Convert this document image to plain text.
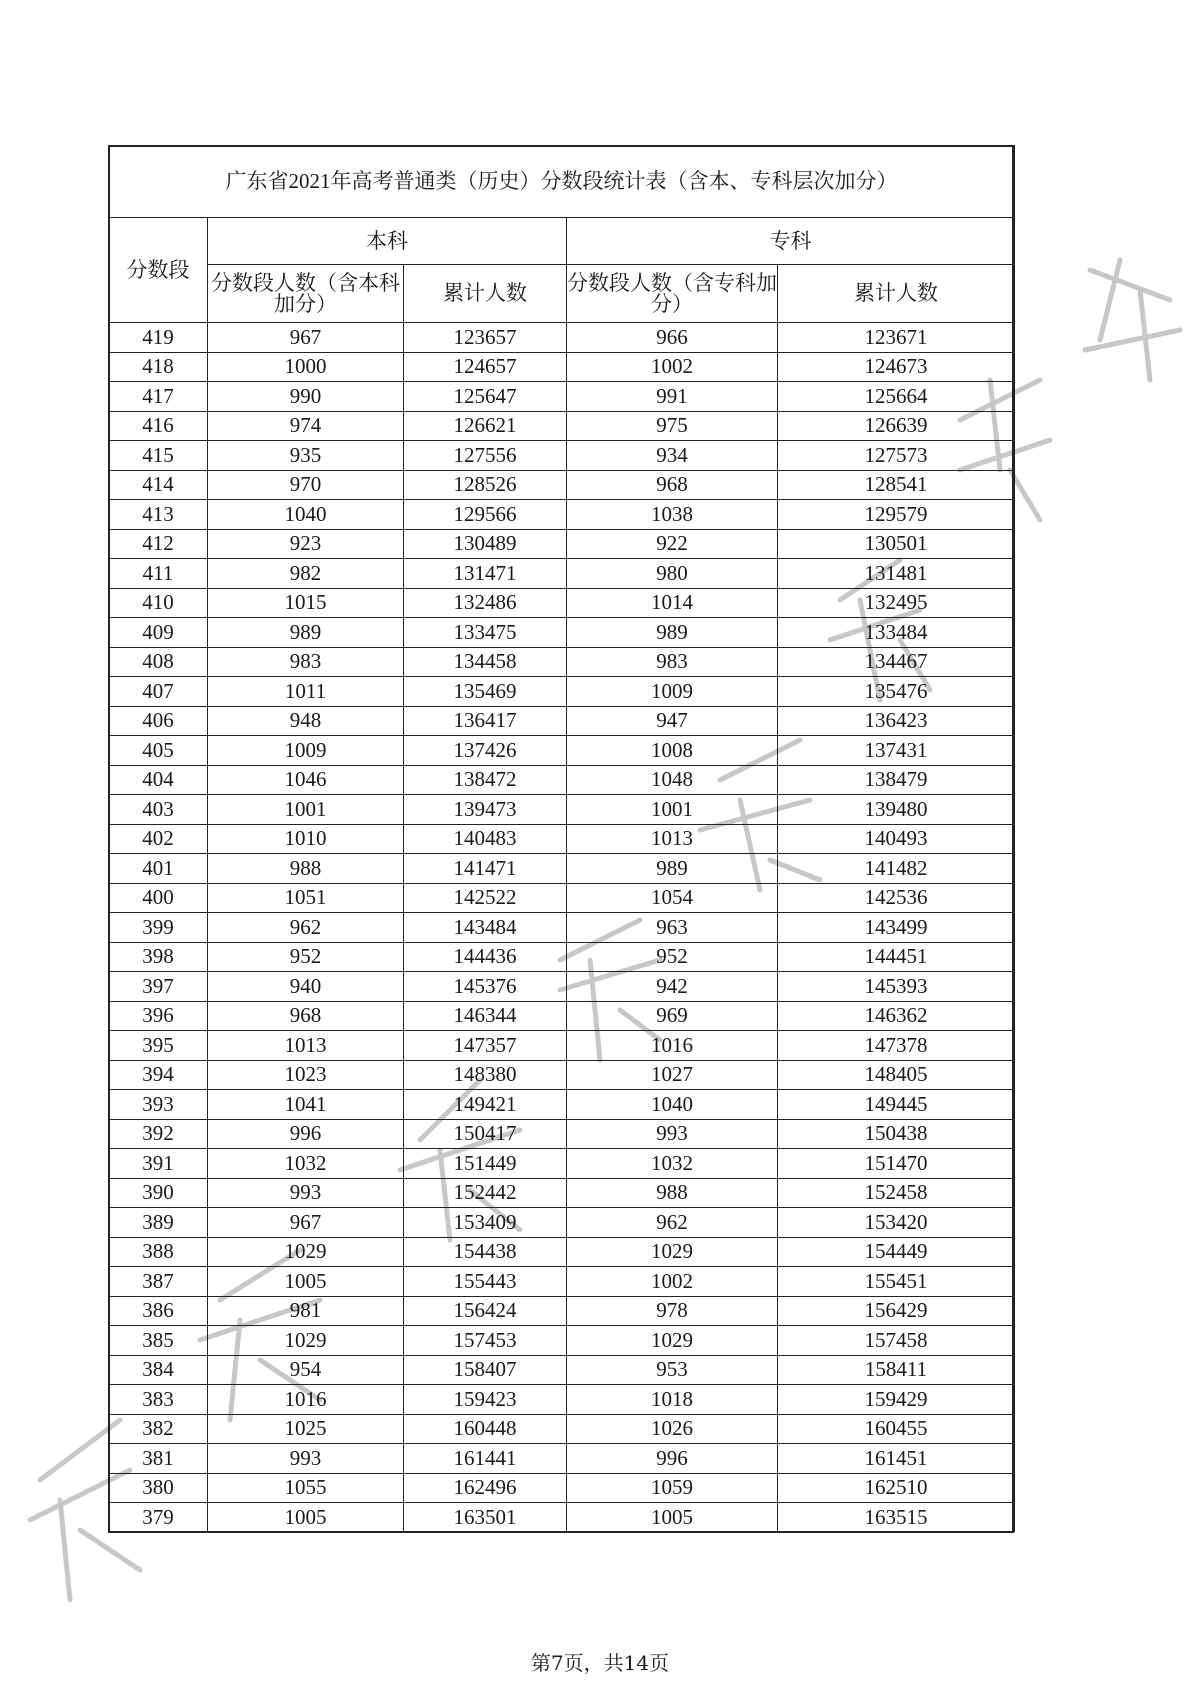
广东省2021年高考普通类（历史）分数段统计表（含本、专科层次加分）				
分数段	本科		专科	
	分数段人数（含本科加分）	累计人数	分数段人数（含专科加分）	累计人数
419	967	123657	966	123671
418	1000	124657	1002	124673
417	990	125647	991	125664
416	974	126621	975	126639
415	935	127556	934	127573
414	970	128526	968	128541
413	1040	129566	1038	129579
412	923	130489	922	130501
411	982	131471	980	131481
410	1015	132486	1014	132495
409	989	133475	989	133484
408	983	134458	983	134467
407	1011	135469	1009	135476
406	948	136417	947	136423
405	1009	137426	1008	137431
404	1046	138472	1048	138479
403	1001	139473	1001	139480
402	1010	140483	1013	140493
401	988	141471	989	141482
400	1051	142522	1054	142536
399	962	143484	963	143499
398	952	144436	952	144451
397	940	145376	942	145393
396	968	146344	969	146362
395	1013	147357	1016	147378
394	1023	148380	1027	148405
393	1041	149421	1040	149445
392	996	150417	993	150438
391	1032	151449	1032	151470
390	993	152442	988	152458
389	967	153409	962	153420
388	1029	154438	1029	154449
387	1005	155443	1002	155451
386	981	156424	978	156429
385	1029	157453	1029	157458
384	954	158407	953	158411
383	1016	159423	1018	159429
382	1025	160448	1026	160455
381	993	161441	996	161451
380	1055	162496	1059	162510
379	1005	163501	1005	163515
第7页，共14页
